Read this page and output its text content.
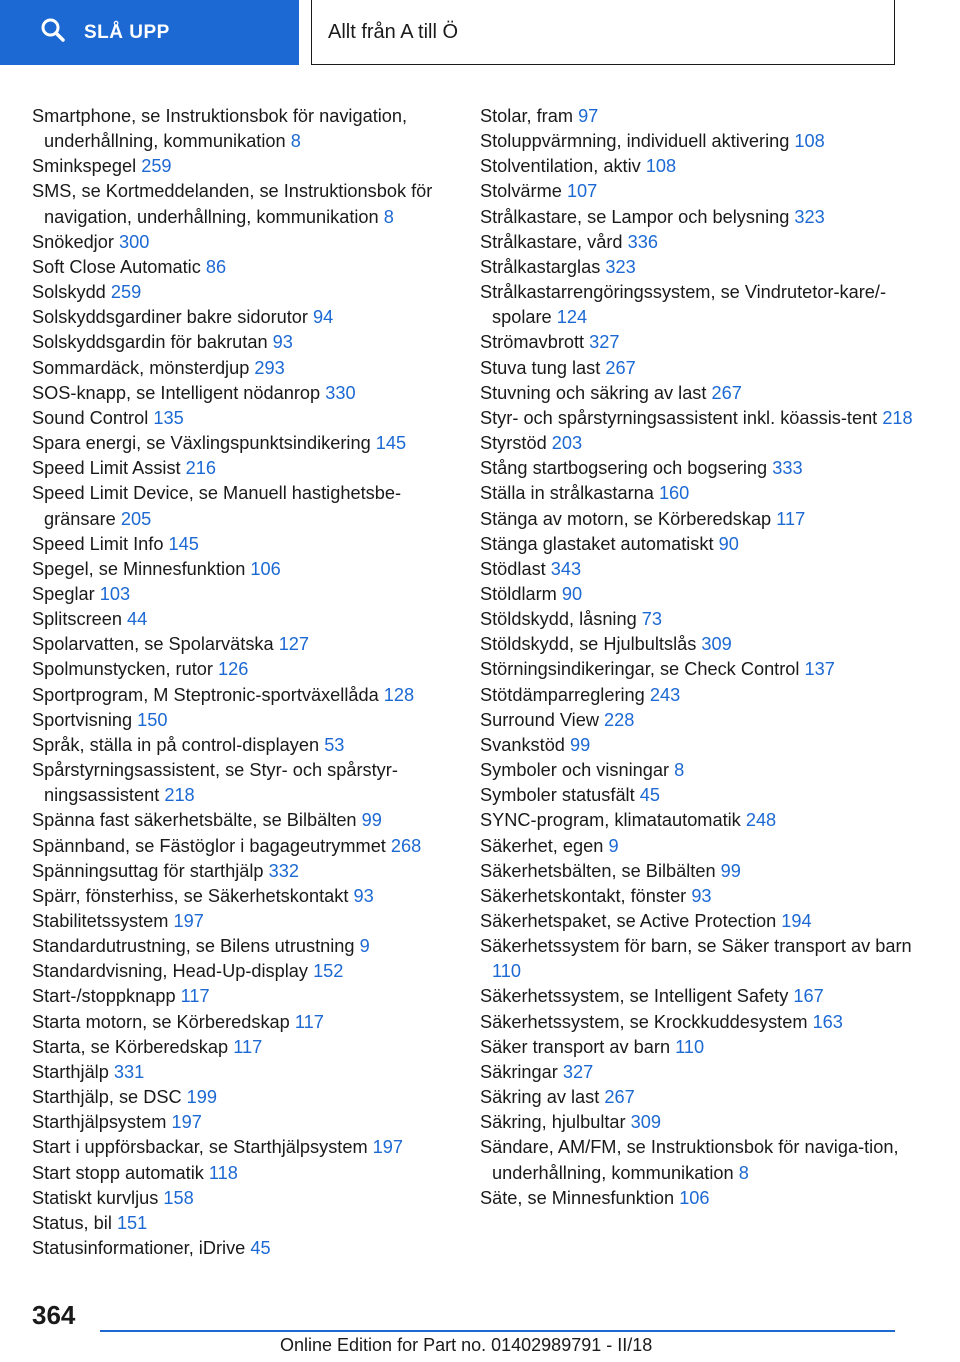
SLÅ UPP	Allt från A till Ö
Smartphone, se Instruktionsbok för navigation, underhållning, kommunikation 8
Sminkspegel 259
SMS, se Kortmeddelanden, se Instruktionsbok för navigation, underhållning, kommunikation 8
Snökedjor 300
Soft Close Automatic 86
Solskydd 259
Solskyddsgardiner bakre sidorutor 94
Solskyddsgardin för bakrutan 93
Sommardäck, mönsterdjup 293
SOS-knapp, se Intelligent nödanrop 330
Sound Control 135
Spara energi, se Växlingspunktsindikering 145
Speed Limit Assist 216
Speed Limit Device, se Manuell hastighetsbe-gränsare 205
Speed Limit Info 145
Spegel, se Minnesfunktion 106
Speglar 103
Splitscreen 44
Spolarvatten, se Spolarvätska 127
Spolmunstycken, rutor 126
Sportprogram, M Steptronic-sportväxellåda 128
Sportvisning 150
Språk, ställa in på control-displayen 53
Spårstyrningsassistent, se Styr- och spårstyr-ningsassistent 218
Spänna fast säkerhetsbälte, se Bilbälten 99
Spännband, se Fästöglor i bagageutrymmet 268
Spänningsuttag för starthjälp 332
Spärr, fönsterhiss, se Säkerhetskontakt 93
Stabilitetssystem 197
Standardutrustning, se Bilens utrustning 9
Standardvisning, Head-Up-display 152
Start-/stoppknapp 117
Starta motorn, se Körberedskap 117
Starta, se Körberedskap 117
Starthjälp 331
Starthjälp, se DSC 199
Starthjälpsystem 197
Start i uppförsbackar, se Starthjälpsystem 197
Start stopp automatik 118
Statiskt kurvljus 158
Status, bil 151
Statusinformationer, iDrive 45
Stolar, fram 97
Stoluppvärmning, individuell aktivering 108
Stolventilation, aktiv 108
Stolvärme 107
Strålkastare, se Lampor och belysning 323
Strålkastare, vård 336
Strålkastarglas 323
Strålkastarrengöringssystem, se Vindrutetor-kare/-spolare 124
Strömavbrott 327
Stuva tung last 267
Stuvning och säkring av last 267
Styr- och spårstyrningsassistent inkl. köassis-tent 218
Styrstöd 203
Stång startbogsering och bogsering 333
Ställa in strålkastarna 160
Stänga av motorn, se Körberedskap 117
Stänga glastaket automatiskt 90
Stödlast 343
Stöldlarm 90
Stöldskydd, låsning 73
Stöldskydd, se Hjulbultslås 309
Störningsindikeringar, se Check Control 137
Stötdämparreglering 243
Surround View 228
Svankstöd 99
Symboler och visningar 8
Symboler statusfält 45
SYNC-program, klimatautomatik 248
Säkerhet, egen 9
Säkerhetsbälten, se Bilbälten 99
Säkerhetskontakt, fönster 93
Säkerhetspaket, se Active Protection 194
Säkerhetssystem för barn, se Säker transport av barn 110
Säkerhetssystem, se Intelligent Safety 167
Säkerhetssystem, se Krockkuddesystem 163
Säker transport av barn 110
Säkringar 327
Säkring av last 267
Säkring, hjulbultar 309
Sändare, AM/FM, se Instruktionsbok för naviga-tion, underhållning, kommunikation 8
Säte, se Minnesfunktion 106
364
Online Edition for Part no. 01402989791 - II/18
